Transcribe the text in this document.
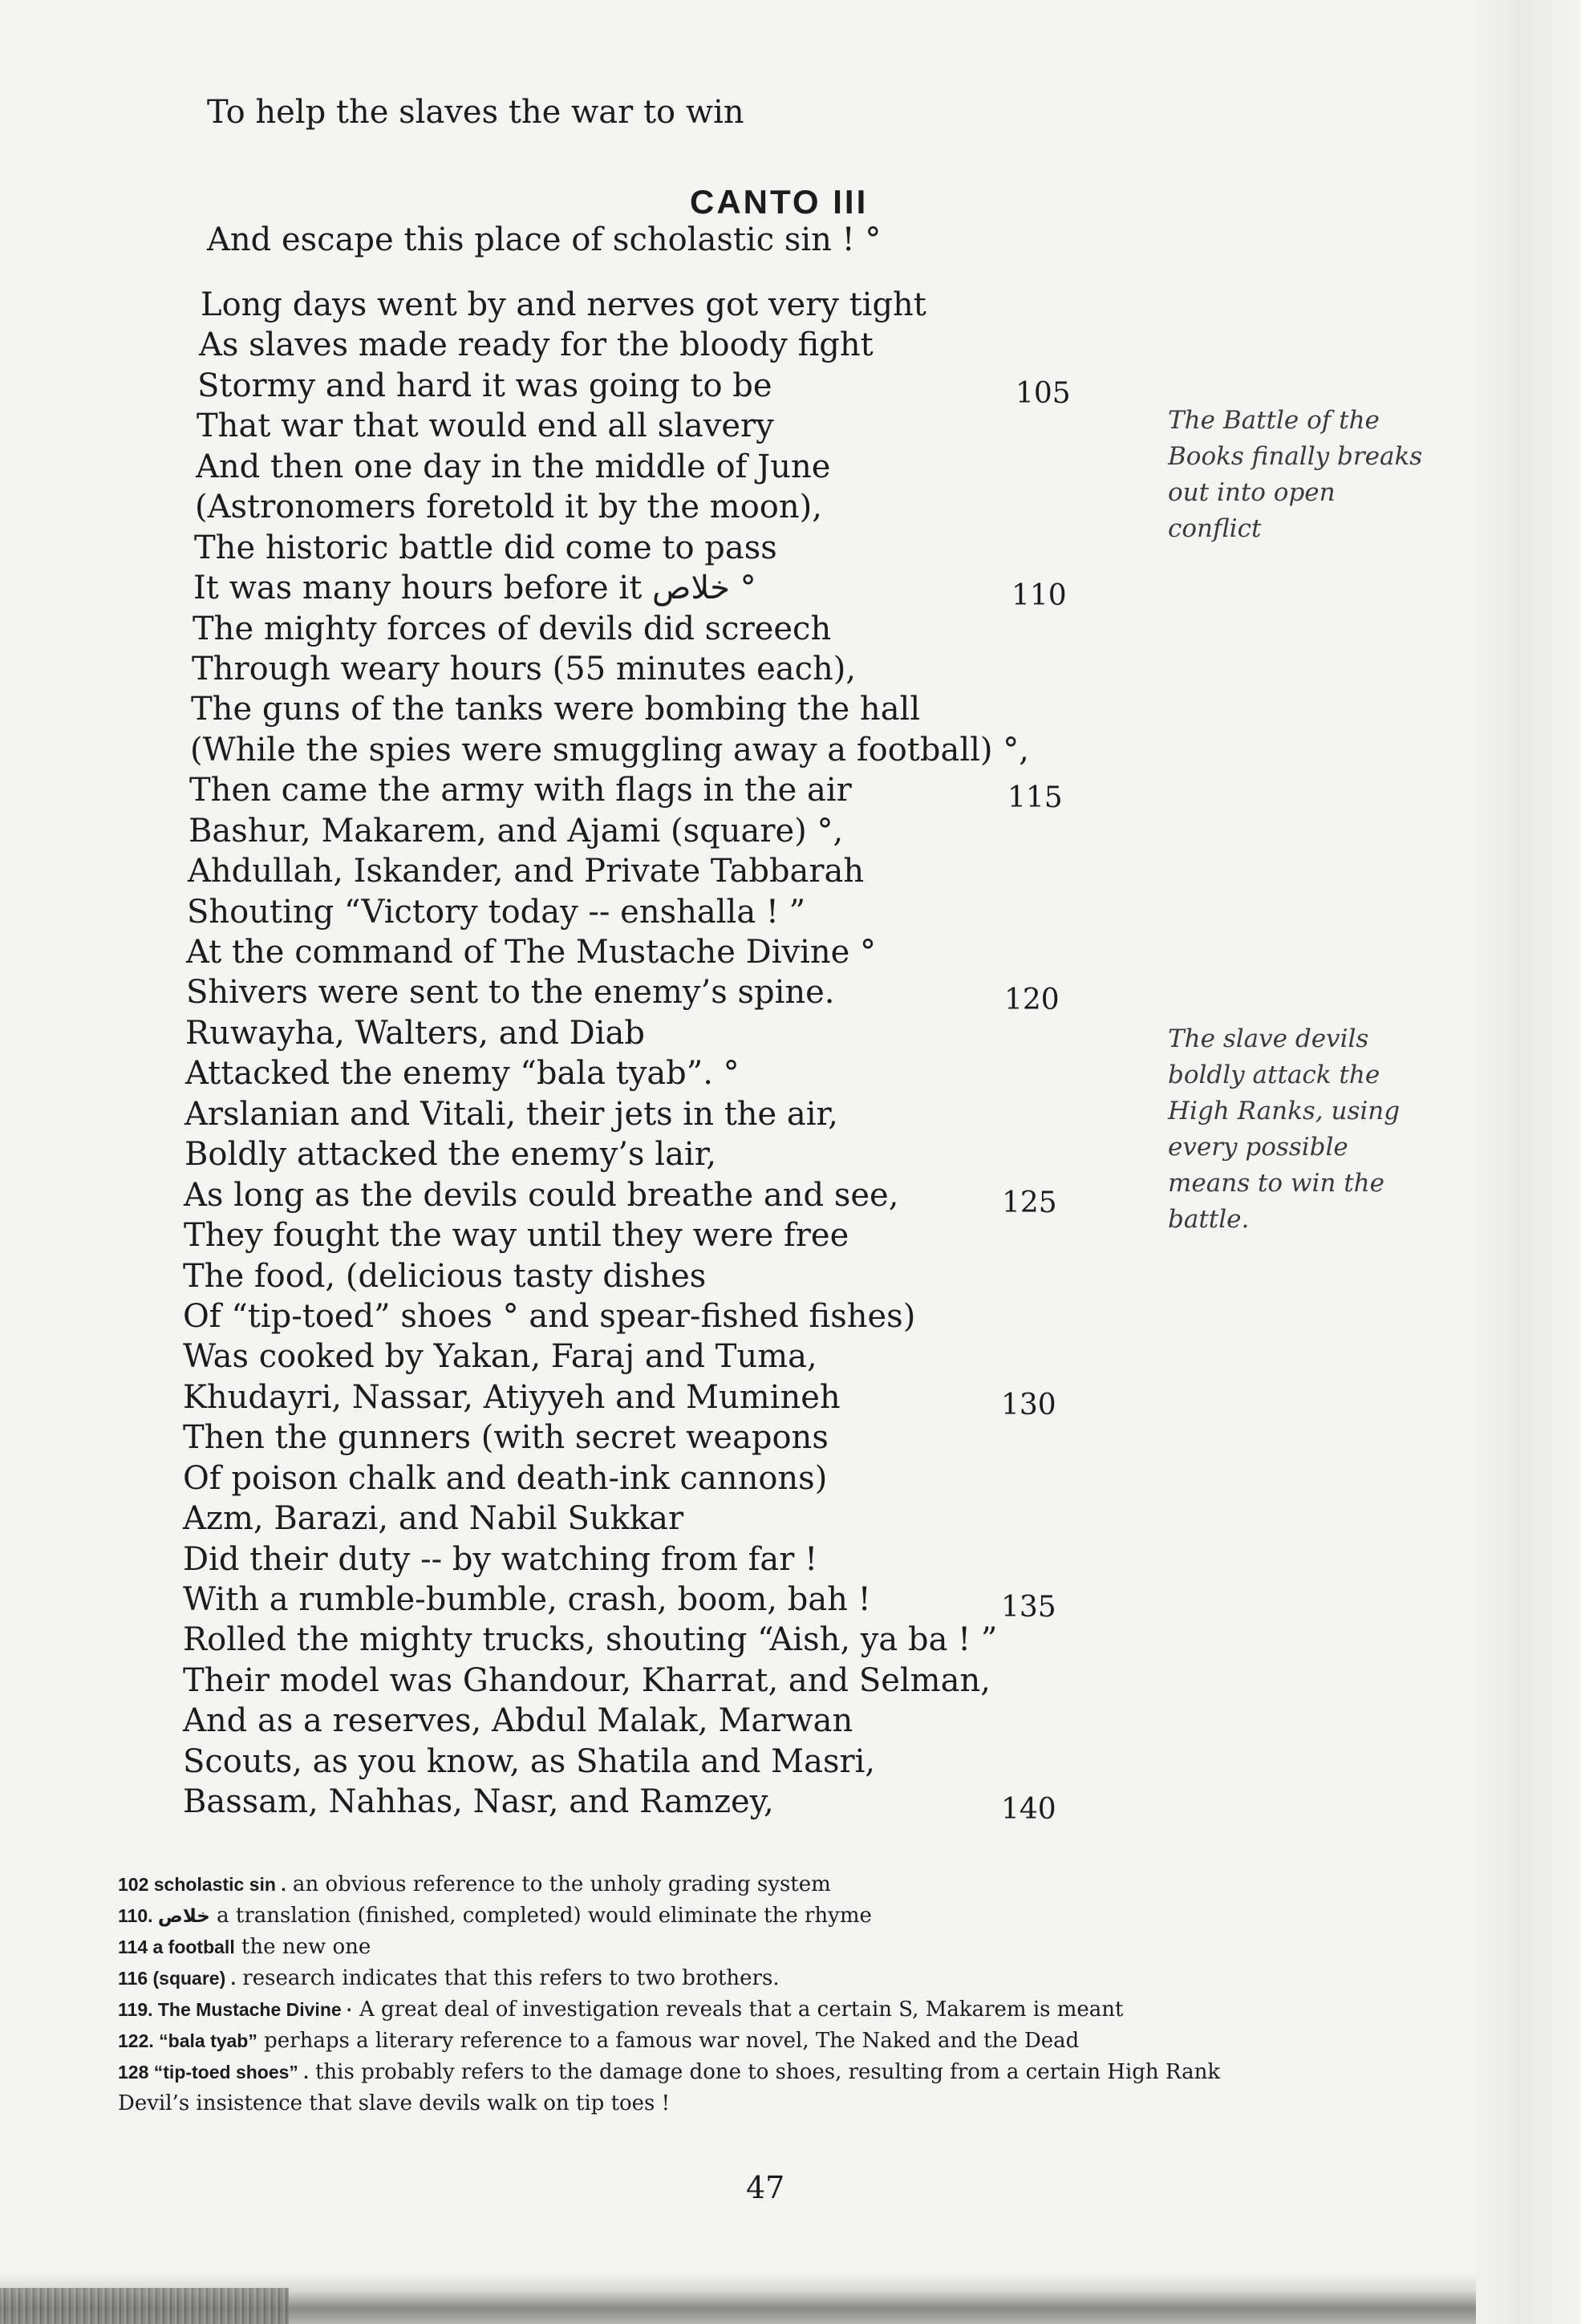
To help the slaves the war to win

And escape this place of scholastic sin ! °

CANTO III
Long days went by and nerves got very tight
As slaves made ready for the bloody fight
Stormy and hard it was going to be	105
That war that would end all slavery
And then one day in the middle of June
(Astronomers foretold it by the moon),
The historic battle did come to pass
It was many hours before it خلاص °	110
The mighty forces of devils did screech
Through weary hours (55 minutes each),
The guns of the tanks were bombing the hall
(While the spies were smuggling away a football) °,
Then came the army with flags in the air	115
Bashur, Makarem, and Ajami (square) °,
Ahdullah, Iskander, and Private Tabbarah
Shouting “Victory today -- enshalla ! ”
At the command of The Mustache Divine °
Shivers were sent to the enemy’s spine.	120
Ruwayha, Walters, and Diab
Attacked the enemy “bala tyab”. °
Arslanian and Vitali, their jets in the air,
Boldly attacked the enemy’s lair,
As long as the devils could breathe and see,	125
They fought the way until they were free
The food, (delicious tasty dishes
Of “tip-toed” shoes ° and spear-fished fishes)
Was cooked by Yakan, Faraj and Tuma,
Khudayri, Nassar, Atiyyeh and Mumineh	130
Then the gunners (with secret weapons
Of poison chalk and death-ink cannons)
Azm, Barazi, and Nabil Sukkar
Did their duty -- by watching from far !
With a rumble-bumble, crash, boom, bah !	135
Rolled the mighty trucks, shouting “Aish, ya ba ! ”
Their model was Ghandour, Kharrat, and Selman,
And as a reserves, Abdul Malak, Marwan
Scouts, as you know, as Shatila and Masri,
Bassam, Nahhas, Nasr, and Ramzey,	140
The Battle of the Books finally breaks out into open conflict
The slave devils boldly attack the High Ranks, using every possible means to win the battle.
102 scholastic sin . an obvious reference to the unholy grading system
110. خلاص a translation (finished, completed) would eliminate the rhyme
114 a football the new one
116 (square) . research indicates that this refers to two brothers.
119. The Mustache Divine · A great deal of investigation reveals that a certain S, Makarem is meant
122. “bala tyab” perhaps a literary reference to a famous war novel, The Naked and the Dead
128 “tip-toed shoes” . this probably refers to the damage done to shoes, resulting from a certain High Rank
Devil’s insistence that slave devils walk on tip toes !
47
